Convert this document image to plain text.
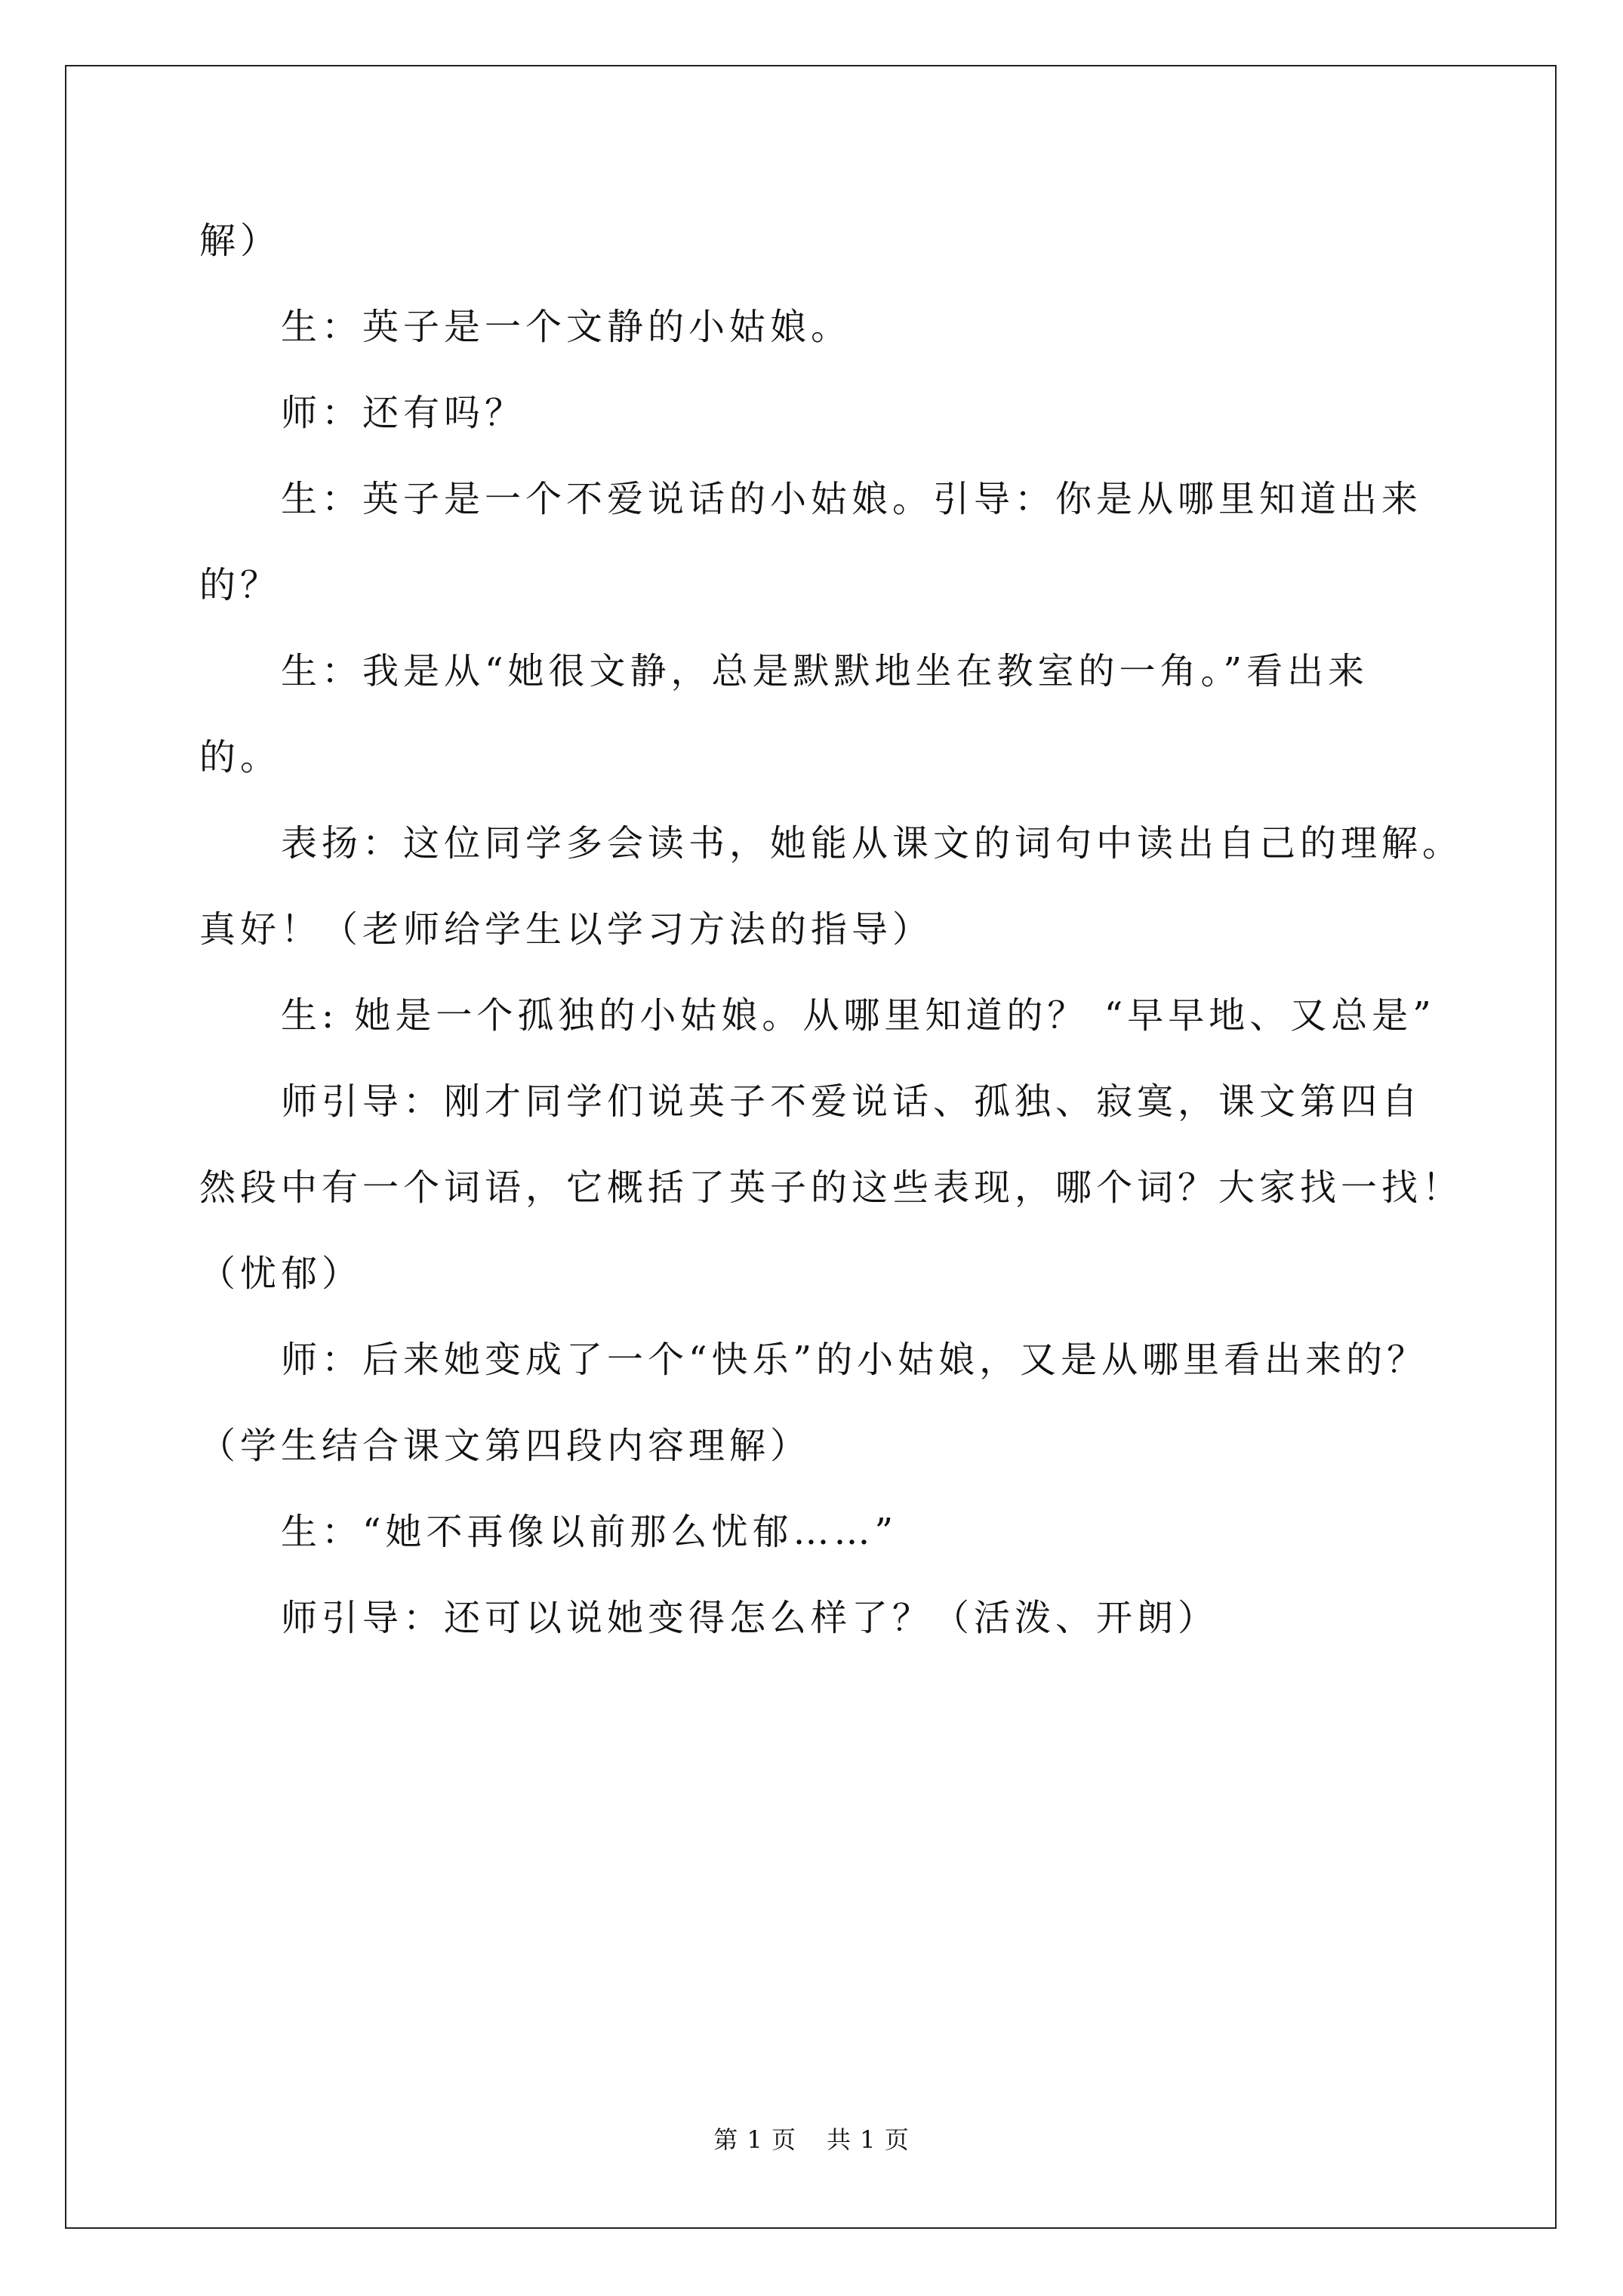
解）
生：英子是一个文静的小姑娘。
师：还有吗？
生：英子是一个不爱说话的小姑娘。引导：你是从哪里知道出来
的？
生：我是从“她很文静，总是默默地坐在教室的一角。”看出来
的。
表扬：这位同学多会读书，她能从课文的词句中读出自己的理解。
真好！（老师给学生以学习方法的指导）
生: 她是一个孤独的小姑娘。从哪里知道的？ “早早地、又总是”
师引导：刚才同学们说英子不爱说话、孤独、寂寞，课文第四自
然段中有一个词语，它概括了英子的这些表现，哪个词？大家找一找！
（忧郁）
师：后来她变成了一个“快乐”的小姑娘，又是从哪里看出来的？
（学生结合课文第四段内容理解）
生：“她不再像以前那么忧郁……”
师引导：还可以说她变得怎么样了？（活泼、开朗）
第 1 页 共 1 页
